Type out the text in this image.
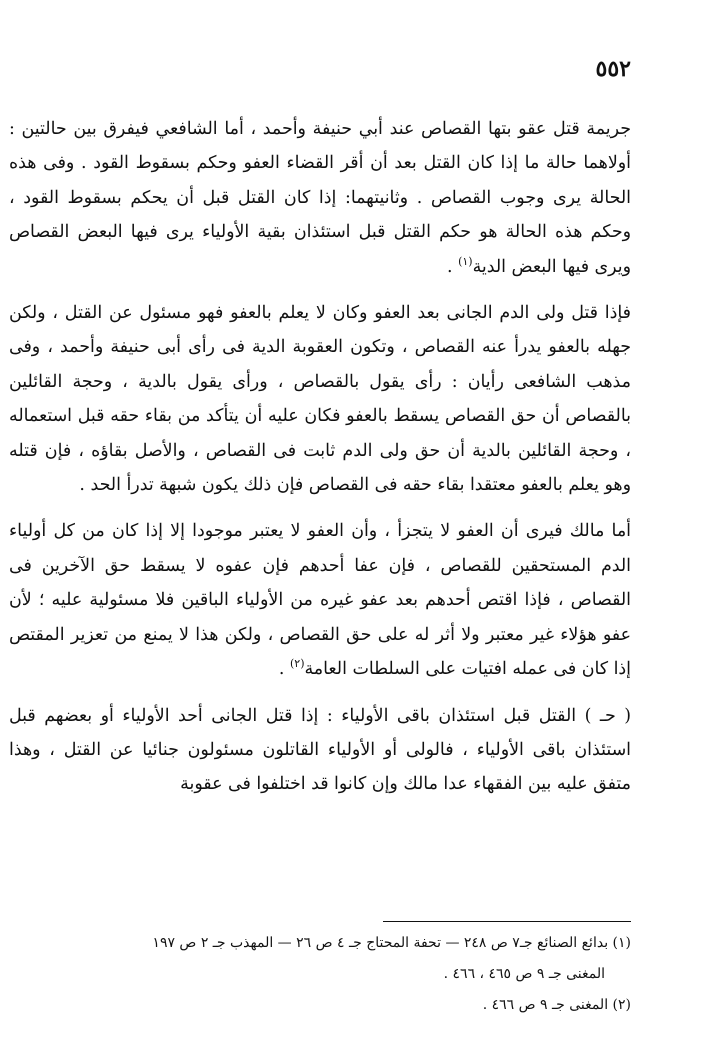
٥٥٢

جريمة قتل عقو بتها القصاص عند أبي حنيفة وأحمد ، أما الشافعي فيفرق بين حالتين : أولاهما حالة ما إذا كان القتل بعد أن أقر القضاء العفو وحكم بسقوط القود . وفى هذه الحالة يرى وجوب القصاص . وثانيتهما: إذا كان القتل قبل أن يحكم بسقوط القود ، وحكم هذه الحالة هو حكم القتل قبل استئذان بقية الأولياء يرى فيها البعض القصاص ويرى فيها البعض الدية$^{(١)}$ .

فإذا قتل ولى الدم الجانى بعد العفو وكان لا يعلم بالعفو فهو مسئول عن القتل ، ولكن جهله بالعفو يدرأ عنه القصاص ، وتكون العقوبة الدية فى رأى أبى حنيفة وأحمد ، وفى مذهب الشافعى رأيان : رأى يقول بالقصاص ، ورأى يقول بالدية ، وحجة القائلين بالقصاص أن حق القصاص يسقط بالعفو فكان عليه أن يتأكد من بقاء حقه قبل استعماله ، وحجة القائلين بالدية أن حق ولى الدم ثابت فى القصاص ، والأصل بقاؤه ، فإن قتله وهو يعلم بالعفو معتقدا بقاء حقه فى القصاص فإن ذلك يكون شبهة تدرأ الحد .

أما مالك فيرى أن العفو لا يتجزأ ، وأن العفو لا يعتبر موجودا إلا إذا كان من كل أولياء الدم المستحقين للقصاص ، فإن عفا أحدهم فإن عفوه لا يسقط حق الآخرين فى القصاص ، فإذا اقتص أحدهم بعد عفو غيره من الأولياء الباقين فلا مسئولية عليه ؛ لأن عفو هؤلاء غير معتبر ولا أثر له على حق القصاص ، ولكن هذا لا يمنع من تعزير المقتص إذا كان فى عمله افتيات على السلطات العامة$^{(٢)}$ .

( حـ ) القتل قبل استئذان باقى الأولياء : إذا قتل الجانى أحد الأولياء أو بعضهم قبل استئذان باقى الأولياء ، فالولى أو الأولياء القاتلون مسئولون جنائيا عن القتل ، وهذا متفق عليه بين الفقهاء عدا مالك وإن كانوا قد اختلفوا فى عقوبة

(١) بدائع الصنائع جـ٧ ص ٢٤٨ — تحفة المحتاج جـ ٤ ص ٢٦ — المهذب جـ ٢ ص ١٩٧

المغنى جـ ٩ ص ٤٦٥ ، ٤٦٦ .

(٢) المغنى جـ ٩ ص ٤٦٦ .
